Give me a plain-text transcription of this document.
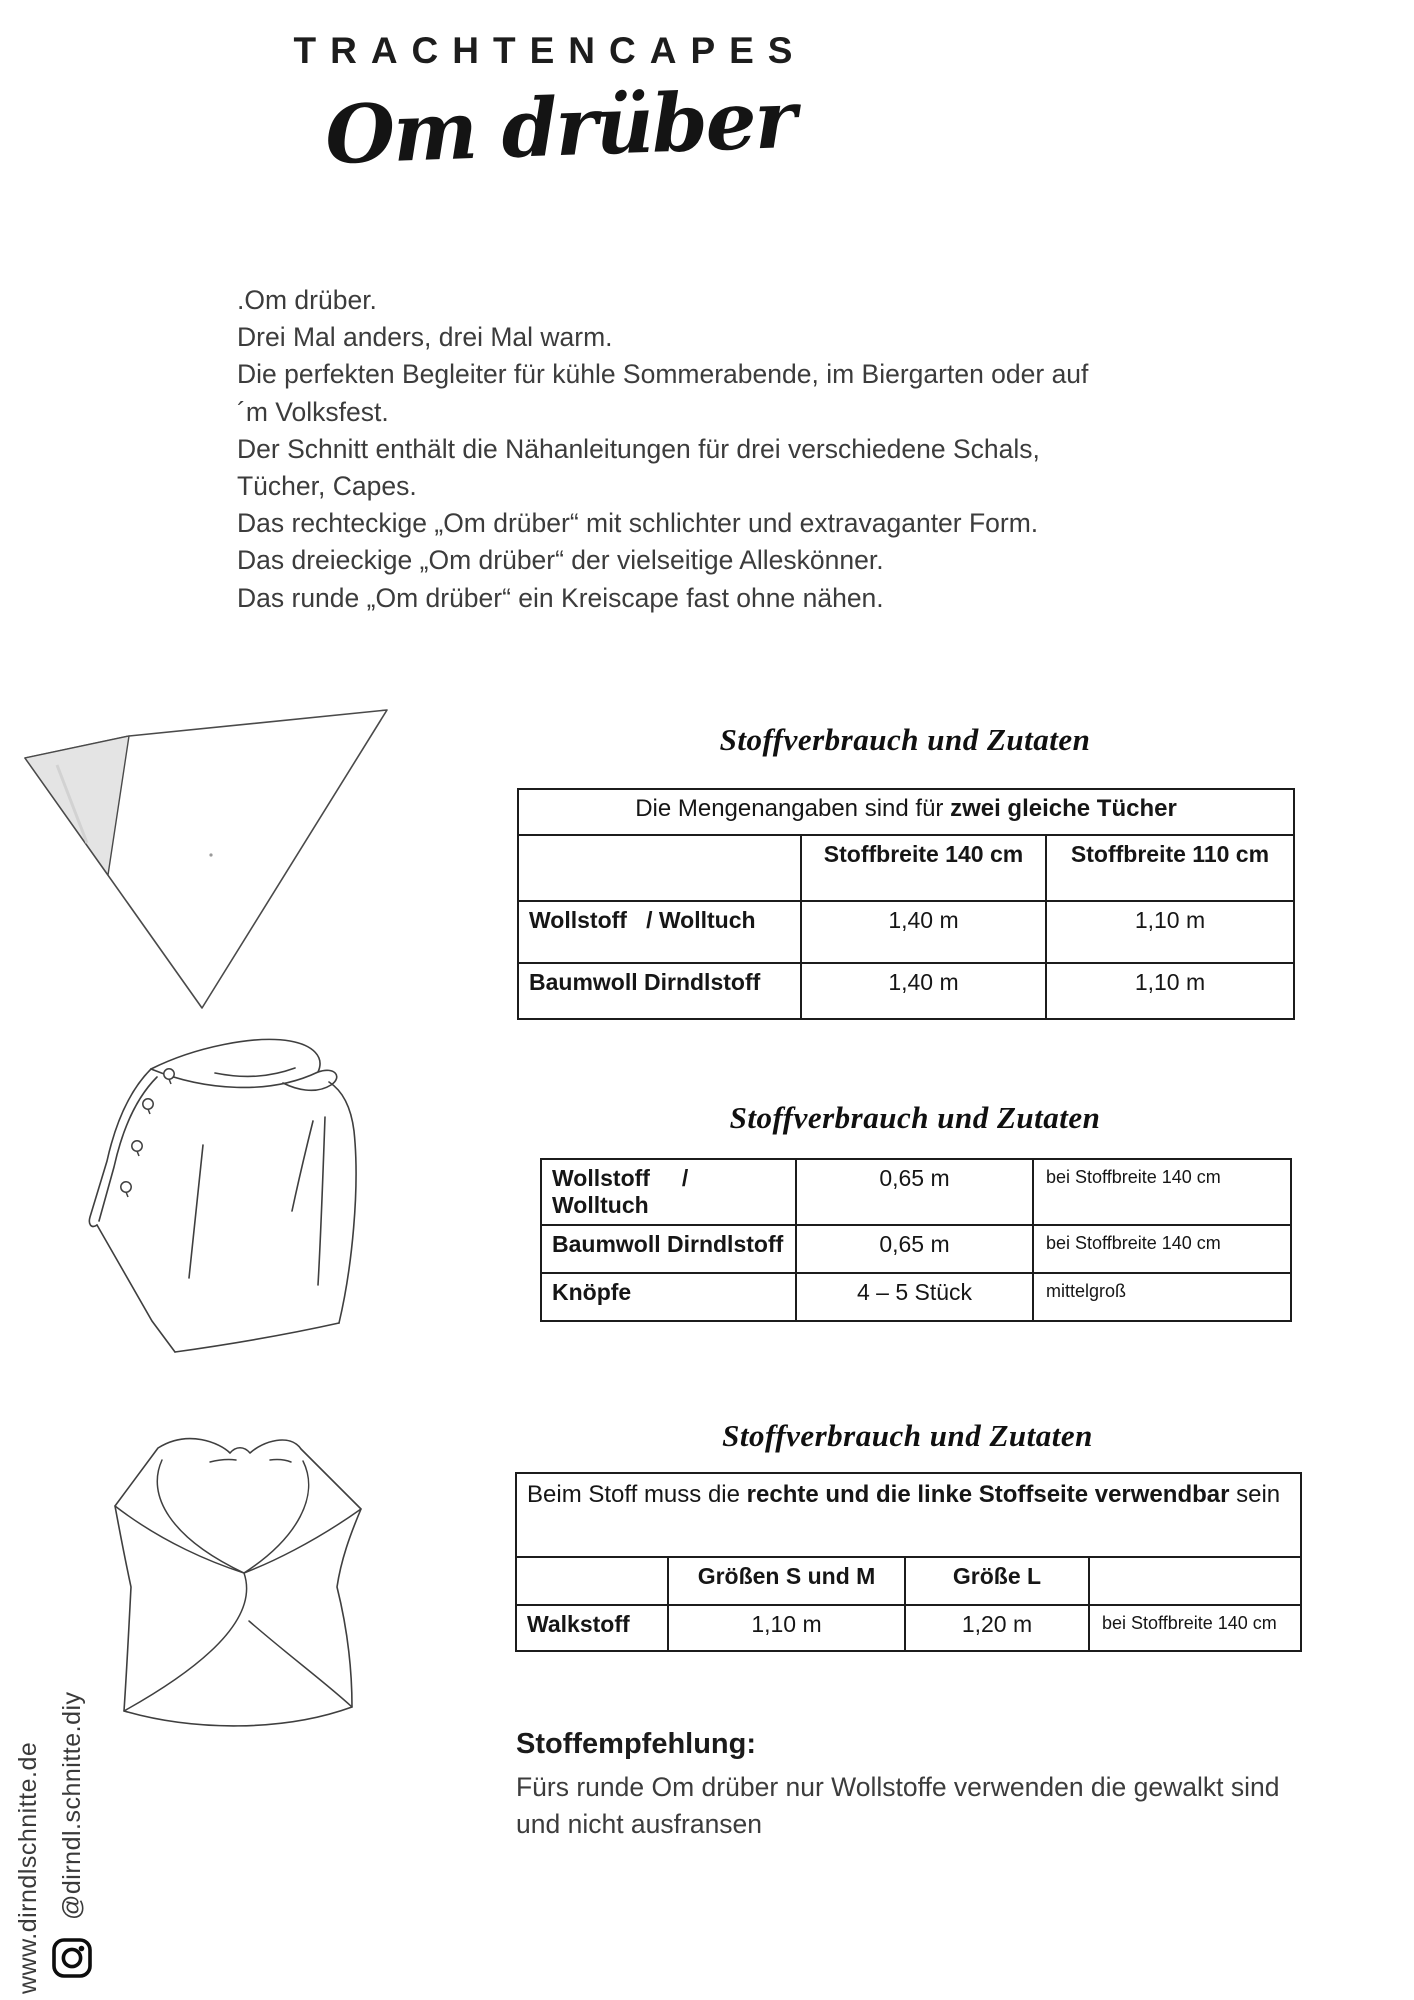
TRACHTENCAPES
Om drüber
.Om drüber.
Drei Mal anders, drei Mal warm.
Die perfekten Begleiter für kühle Sommerabende, im Biergarten oder auf
´m Volksfest.
Der Schnitt enthält die Nähanleitungen für drei verschiedene Schals,
Tücher, Capes.
Das rechteckige „Om drüber“ mit schlichter und extravaganter Form.
Das dreieckige „Om drüber“ der vielseitige Alleskönner.
Das runde „Om drüber“ ein Kreiscape fast ohne nähen.
Stoffverbrauch und Zutaten
Die Mengenangaben sind für zwei gleiche Tücher		
	Stoffbreite 140 cm	Stoffbreite 110 cm
Wollstoff   / Wolltuch	1,40 m	1,10 m
Baumwoll Dirndlstoff	1,40 m	1,10 m
Stoffverbrauch und Zutaten
Wollstoff     / Wolltuch	0,65 m	bei Stoffbreite 140 cm
Baumwoll Dirndlstoff	0,65 m	bei Stoffbreite 140 cm
Knöpfe	4 – 5 Stück	mittelgroß
Stoffverbrauch und Zutaten
Beim Stoff muss die rechte und die linke Stoffseite verwendbar sein			
	Größen S und M	Größe L	
Walkstoff	1,10 m	1,20 m	bei Stoffbreite 140 cm
Stoffempfehlung:
Fürs runde Om drüber nur Wollstoffe verwenden die gewalkt sind
und nicht ausfransen
www.dirndlschnitte.de @dirndl.schnitte.diy
